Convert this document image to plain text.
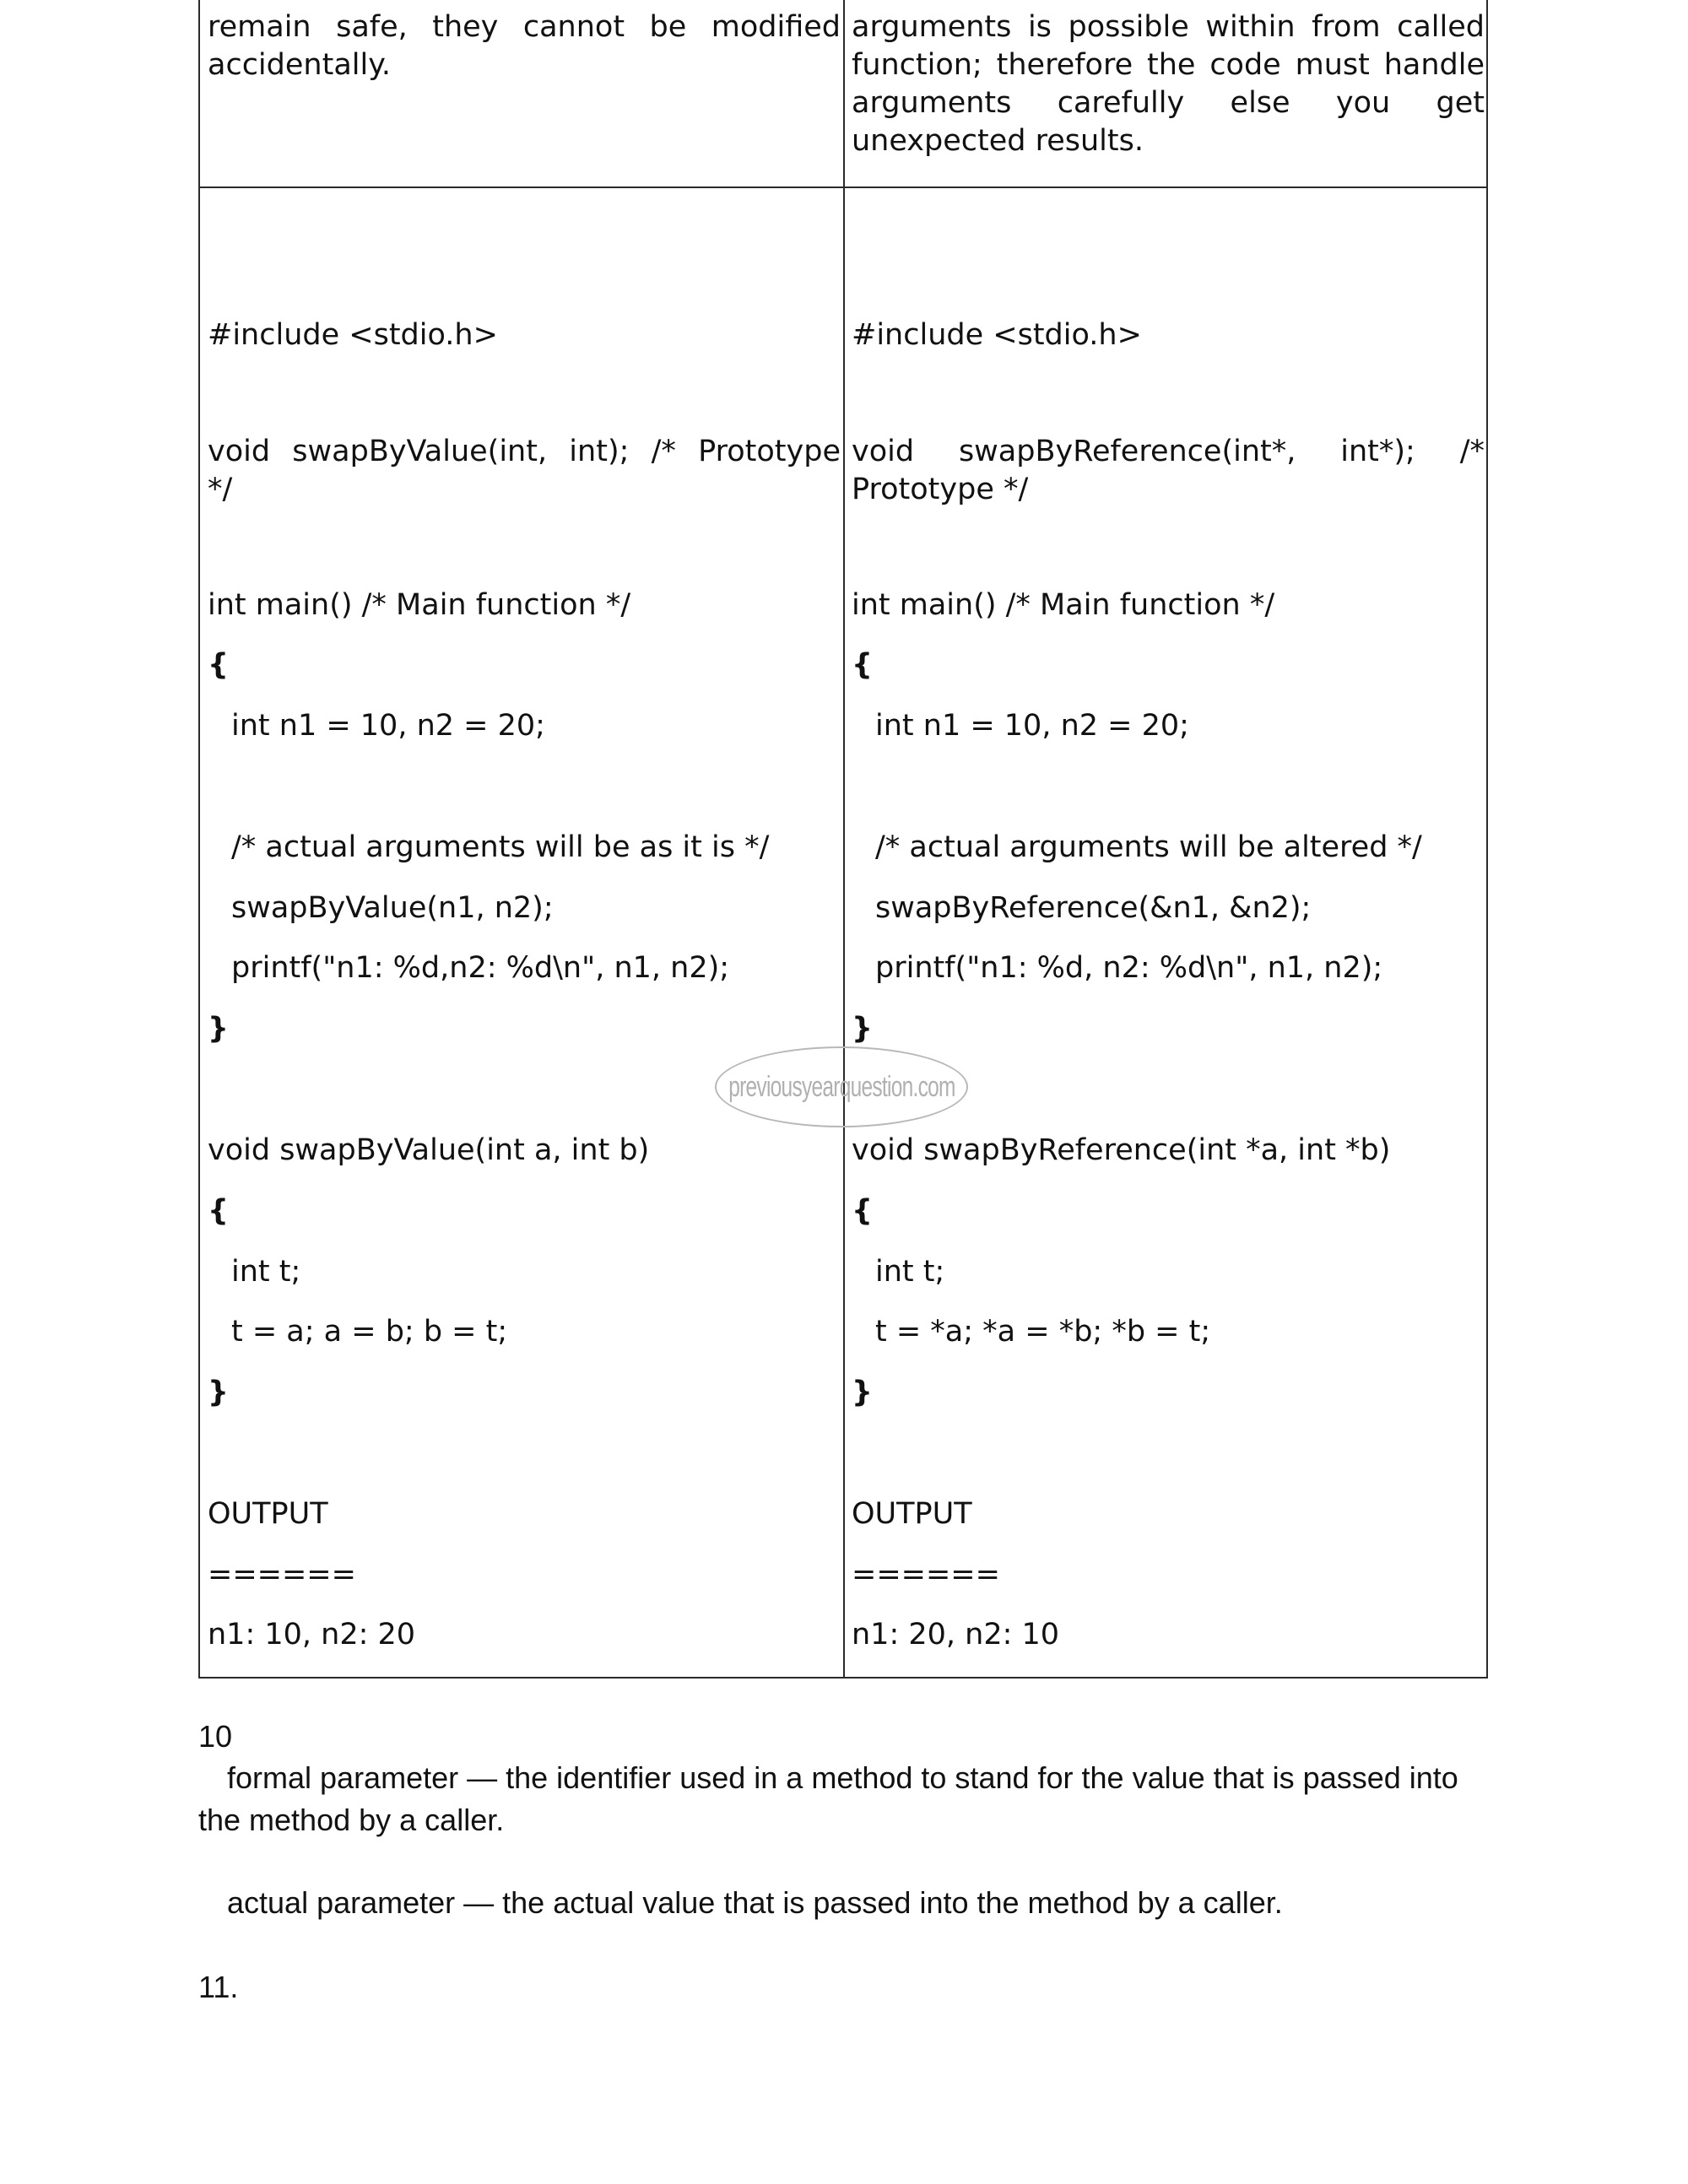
remain safe, they cannot be modified accidentally.
arguments is possible within from called function; therefore the code must handle arguments carefully else you get unexpected results.
#include <stdio.h>
void swapByValue(int, int); /* Prototype
*/
int main() /* Main function */
{
int n1 = 10, n2 = 20;
/* actual arguments will be as it is */
swapByValue(n1, n2);
printf("n1: %d,n2: %d\n", n1, n2);
}
void swapByValue(int a, int b)
{
int t;
t = a; a = b; b = t;
}
OUTPUT
======
n1: 10, n2: 20
#include <stdio.h>
void swapByReference(int*, int*); /*
Prototype */
int main() /* Main function */
{
int n1 = 10, n2 = 20;
/* actual arguments will be altered */
swapByReference(&n1, &n2);
printf("n1: %d, n2: %d\n", n1, n2);
}
void swapByReference(int *a, int *b)
{
int t;
t = *a; *a = *b; *b = t;
}
OUTPUT
======
n1: 20, n2: 10
previousyearquestion.com
10
formal parameter — the identifier used in a method to stand for the value that is passed into the method by a caller.
actual parameter — the actual value that is passed into the method by a caller.
11.
